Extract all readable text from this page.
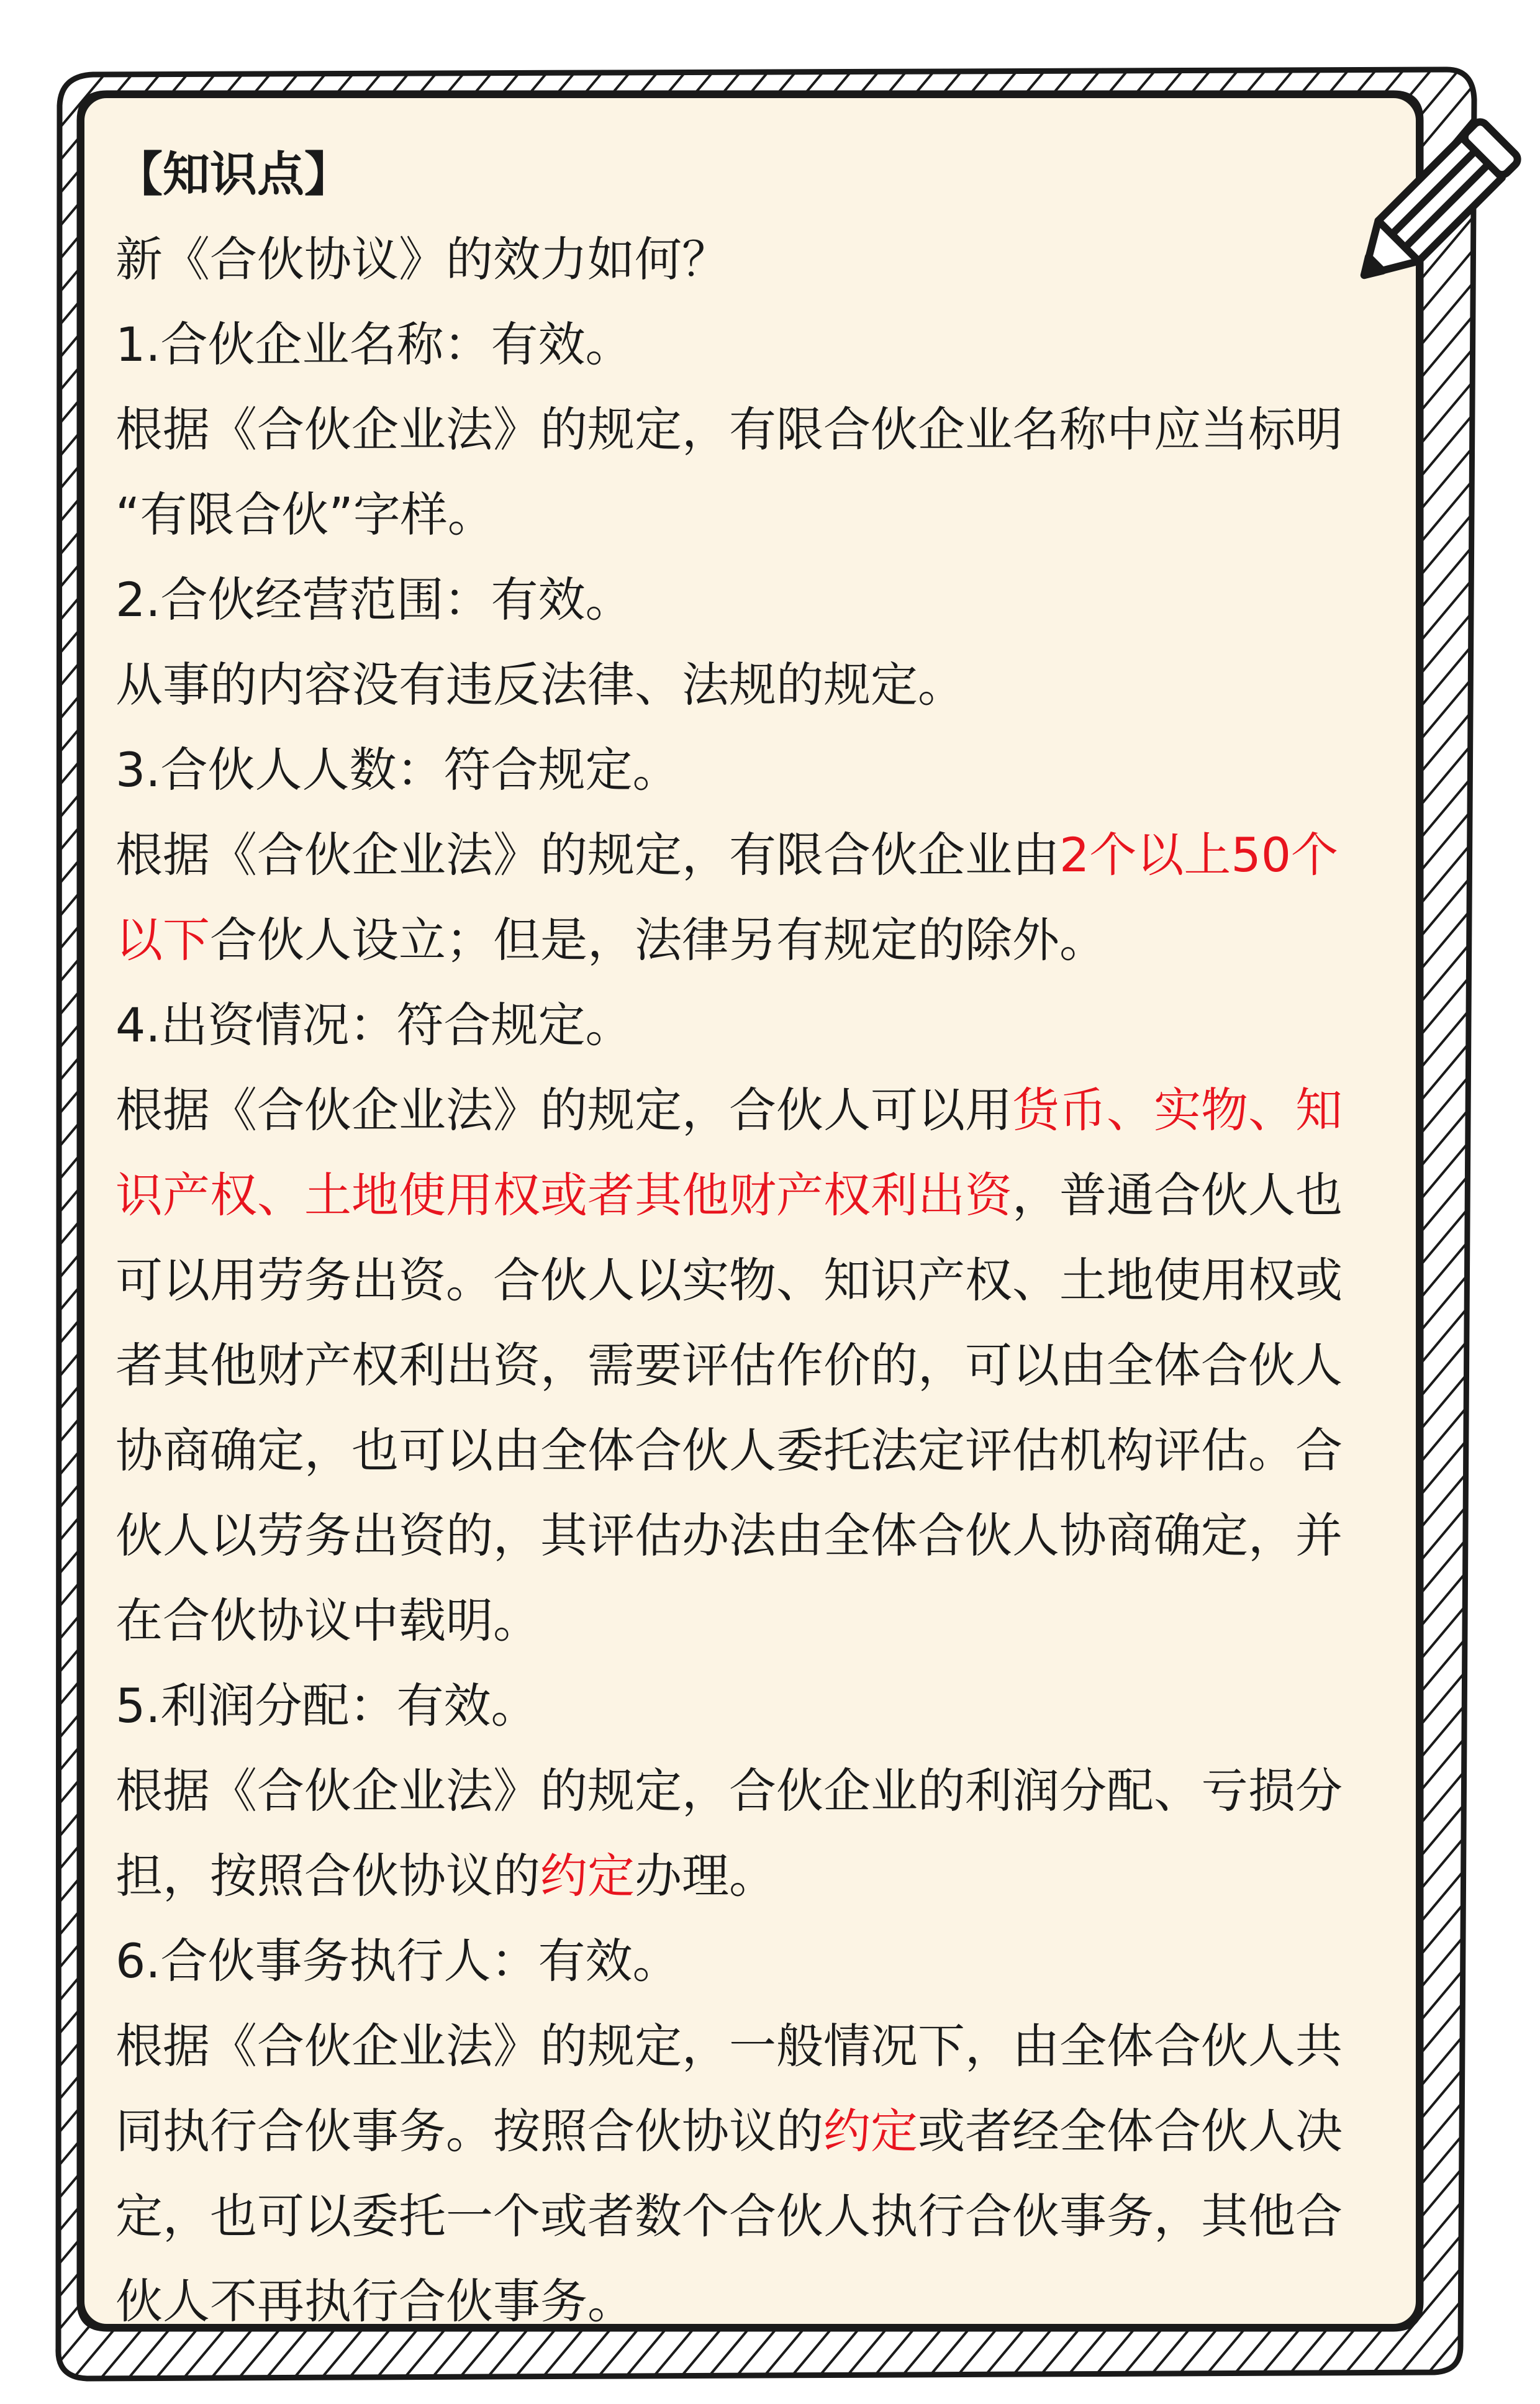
【知识点】
新《合伙协议》的效力如何？
1.合伙企业名称：有效。
根据《合伙企业法》的规定，有限合伙企业名称中应当标明
“有限合伙”字样。
2.合伙经营范围：有效。
从事的内容没有违反法律、法规的规定。
3.合伙人人数：符合规定。
根据《合伙企业法》的规定，有限合伙企业由2个以上50个
以下合伙人设立；但是，法律另有规定的除外。
4.出资情况：符合规定。
根据《合伙企业法》的规定，合伙人可以用货币、实物、知
识产权、土地使用权或者其他财产权利出资，普通合伙人也
可以用劳务出资。合伙人以实物、知识产权、土地使用权或
者其他财产权利出资，需要评估作价的，可以由全体合伙人
协商确定，也可以由全体合伙人委托法定评估机构评估。合
伙人以劳务出资的，其评估办法由全体合伙人协商确定，并
在合伙协议中载明。
5.利润分配：有效。
根据《合伙企业法》的规定，合伙企业的利润分配、亏损分
担，按照合伙协议的约定办理。
6.合伙事务执行人：有效。
根据《合伙企业法》的规定，一般情况下，由全体合伙人共
同执行合伙事务。按照合伙协议的约定或者经全体合伙人决
定，也可以委托一个或者数个合伙人执行合伙事务，其他合
伙人不再执行合伙事务。
